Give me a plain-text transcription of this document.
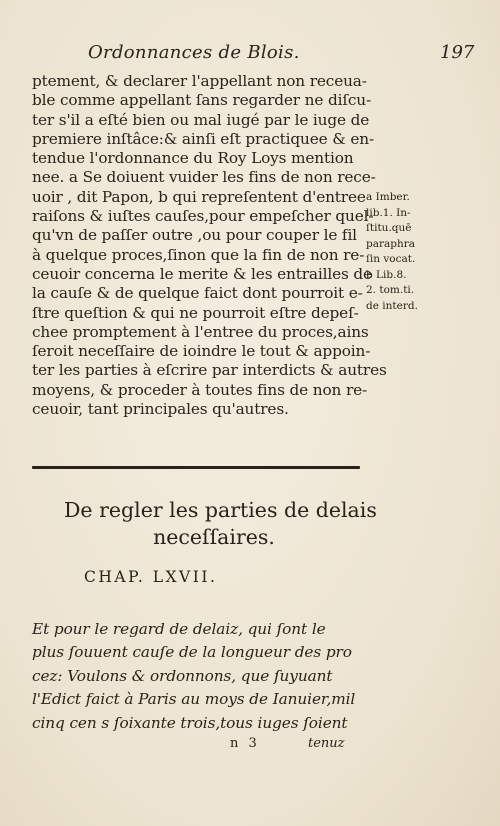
Ordonnances de Blois.	197
ptement, & declarer l'appellant non receua-
ble comme appellant ſans regarder ne diſcu-
ter s'il a eſté bien ou mal iugé par le iuge de
premiere inſtâce:& ainſi eſt practiquee & en-
tendue l'ordonnance du Roy Loys mention
nee. a Se doiuent vuider les fins de non rece-
uoir , dit Papon, b qui repreſentent d'entree
raiſons & iuſtes cauſes,pour empeſcher quel-
qu'vn de paſſer outre ,ou pour couper le fil
à quelque proces,ſinon que la fin de non re-
ceuoir concerna le merite & les entrailles de
la cauſe & de quelque faict dont pourroit e-
ſtre queſtion & qui ne pourroit eſtre depeſ-
chee promptement à l'entree du proces,ains
ſeroit neceſſaire de ioindre le tout & appoin-
ter les parties à eſcrire par interdicts & autres
moyens, & proceder à toutes fins de non re-
ceuoir, tant principales qu'autres.
a Imber.
lib.1. In-
ſtitu.quē
paraphra
ſin vocat.
b Lib.8.
2. tom.ti.
de interd.
De regler les parties de delais
neceſſaires.
CHAP. LXVII.
Et pour le regard de delaiz, qui ſont le
plus ſouuent cauſe de la longueur des pro
cez: Voulons & ordonnons, que ſuyuant
l'Edict faict à Paris au moys de Ianuier,mil
cinq cen s ſoixante trois,tous iuges ſoient
n 3	tenuz
